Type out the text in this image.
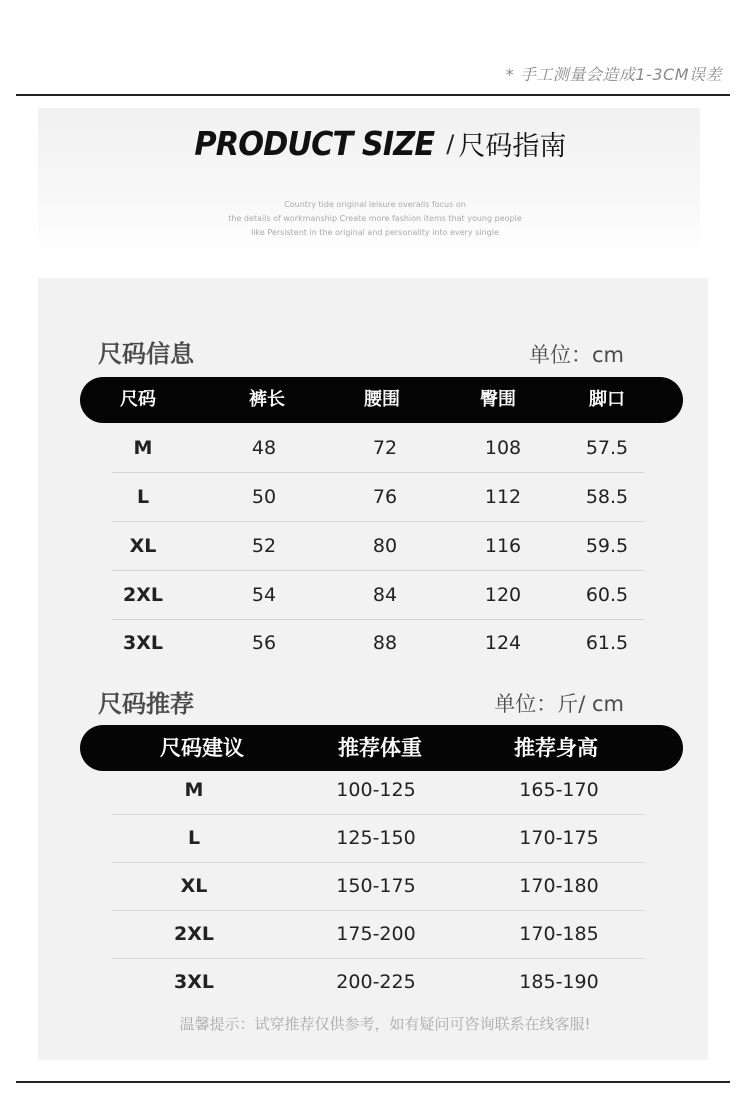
* 手工测量会造成1-3CM误差
PRODUCT SIZE / 尺码指南
Country tide original leisure overalls focus on
the details of workmanship Create more fashion items that young people
like Persistent in the original and personality into every single
尺码信息	单位：cm
尺码	裤长	腰围	臀围	脚口
M	48	72	108	57.5
L	50	76	112	58.5
XL	52	80	116	59.5
2XL	54	84	120	60.5
3XL	56	88	124	61.5
尺码推荐	单位：斤/ cm
尺码建议	推荐体重	推荐身高
M	100-125	165-170
L	125-150	170-175
XL	150-175	170-180
2XL	175-200	170-185
3XL	200-225	185-190
温馨提示：试穿推荐仅供参考，如有疑问可咨询联系在线客服!
